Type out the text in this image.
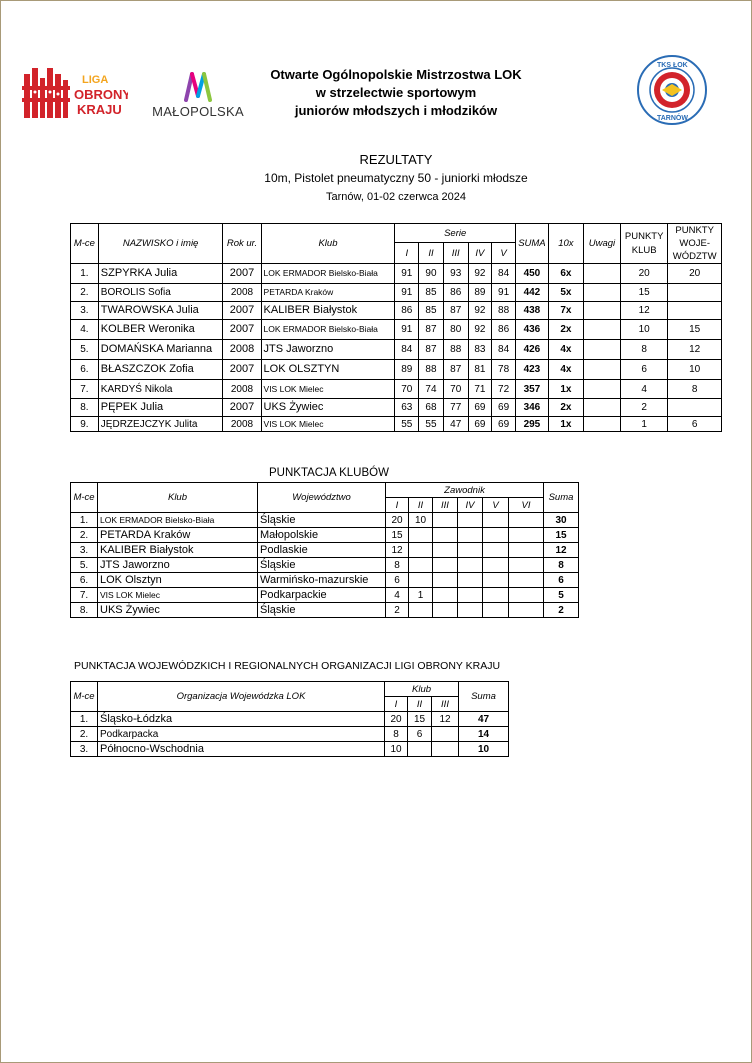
LIGA
OBRONY
KRAJU	MAŁOPOLSKA
TKS ŁOK
TARNÓW
Otwarte Ogólnopolskie Mistrzostwa LOK
w strzelectwie sportowym
juniorów młodszych i młodzików
REZULTATY
10m, Pistolet pneumatyczny 50 - juniorki młodsze
Tarnów, 01-02 czerwca 2024
M-ce	NAZWISKO i imię	Rok ur.	Klub	Serie					SUMA	10x	Uwagi	PUNKTY
KLUB	PUNKTY
WOJE-
WÓDZTW
				I	II	III	IV	V					
1.	SZPYRKA Julia	2007	LOK ERMADOR Bielsko-Biała	91	90	93	92	84	450	6x		20	20
2.	BOROLIS Sofia	2008	PETARDA Kraków	91	85	86	89	91	442	5x		15	
3.	TWAROWSKA Julia	2007	KALIBER Białystok	86	85	87	92	88	438	7x		12	
4.	KOLBER Weronika	2007	LOK ERMADOR Bielsko-Biała	91	87	80	92	86	436	2x		10	15
5.	DOMAŃSKA Marianna	2008	JTS Jaworzno	84	87	88	83	84	426	4x		8	12
6.	BŁASZCZOK Zofia	2007	LOK OLSZTYN	89	88	87	81	78	423	4x		6	10
7.	KARDYŚ Nikola	2008	VIS LOK Mielec	70	74	70	71	72	357	1x		4	8
8.	PĘPEK Julia	2007	UKS Żywiec	63	68	77	69	69	346	2x		2	
9.	JĘDRZEJCZYK Julita	2008	VIS LOK Mielec	55	55	47	69	69	295	1x		1	6
PUNKTACJA KLUBÓW
M-ce	Klub	Województwo	Zawodnik						Suma
			I	II	III	IV	V	VI	
1.	LOK ERMADOR Bielsko-Biała	Śląskie	20	10					30
2.	PETARDA Kraków	Małopolskie	15						15
3.	KALIBER Białystok	Podlaskie	12						12
5.	JTS Jaworzno	Śląskie	8						8
6.	LOK Olsztyn	Warmińsko-mazurskie	6						6
7.	VIS LOK Mielec	Podkarpackie	4	1					5
8.	UKS Żywiec	Śląskie	2						2
PUNKTACJA WOJEWÓDZKICH I REGIONALNYCH ORGANIZACJI LIGI OBRONY KRAJU
M-ce	Organizacja Wojewódzka LOK	Klub			Suma
		I	II	III	
1.	Śląsko-Łódzka	20	15	12	47
2.	Podkarpacka	8	6		14
3.	Północno-Wschodnia	10			10
